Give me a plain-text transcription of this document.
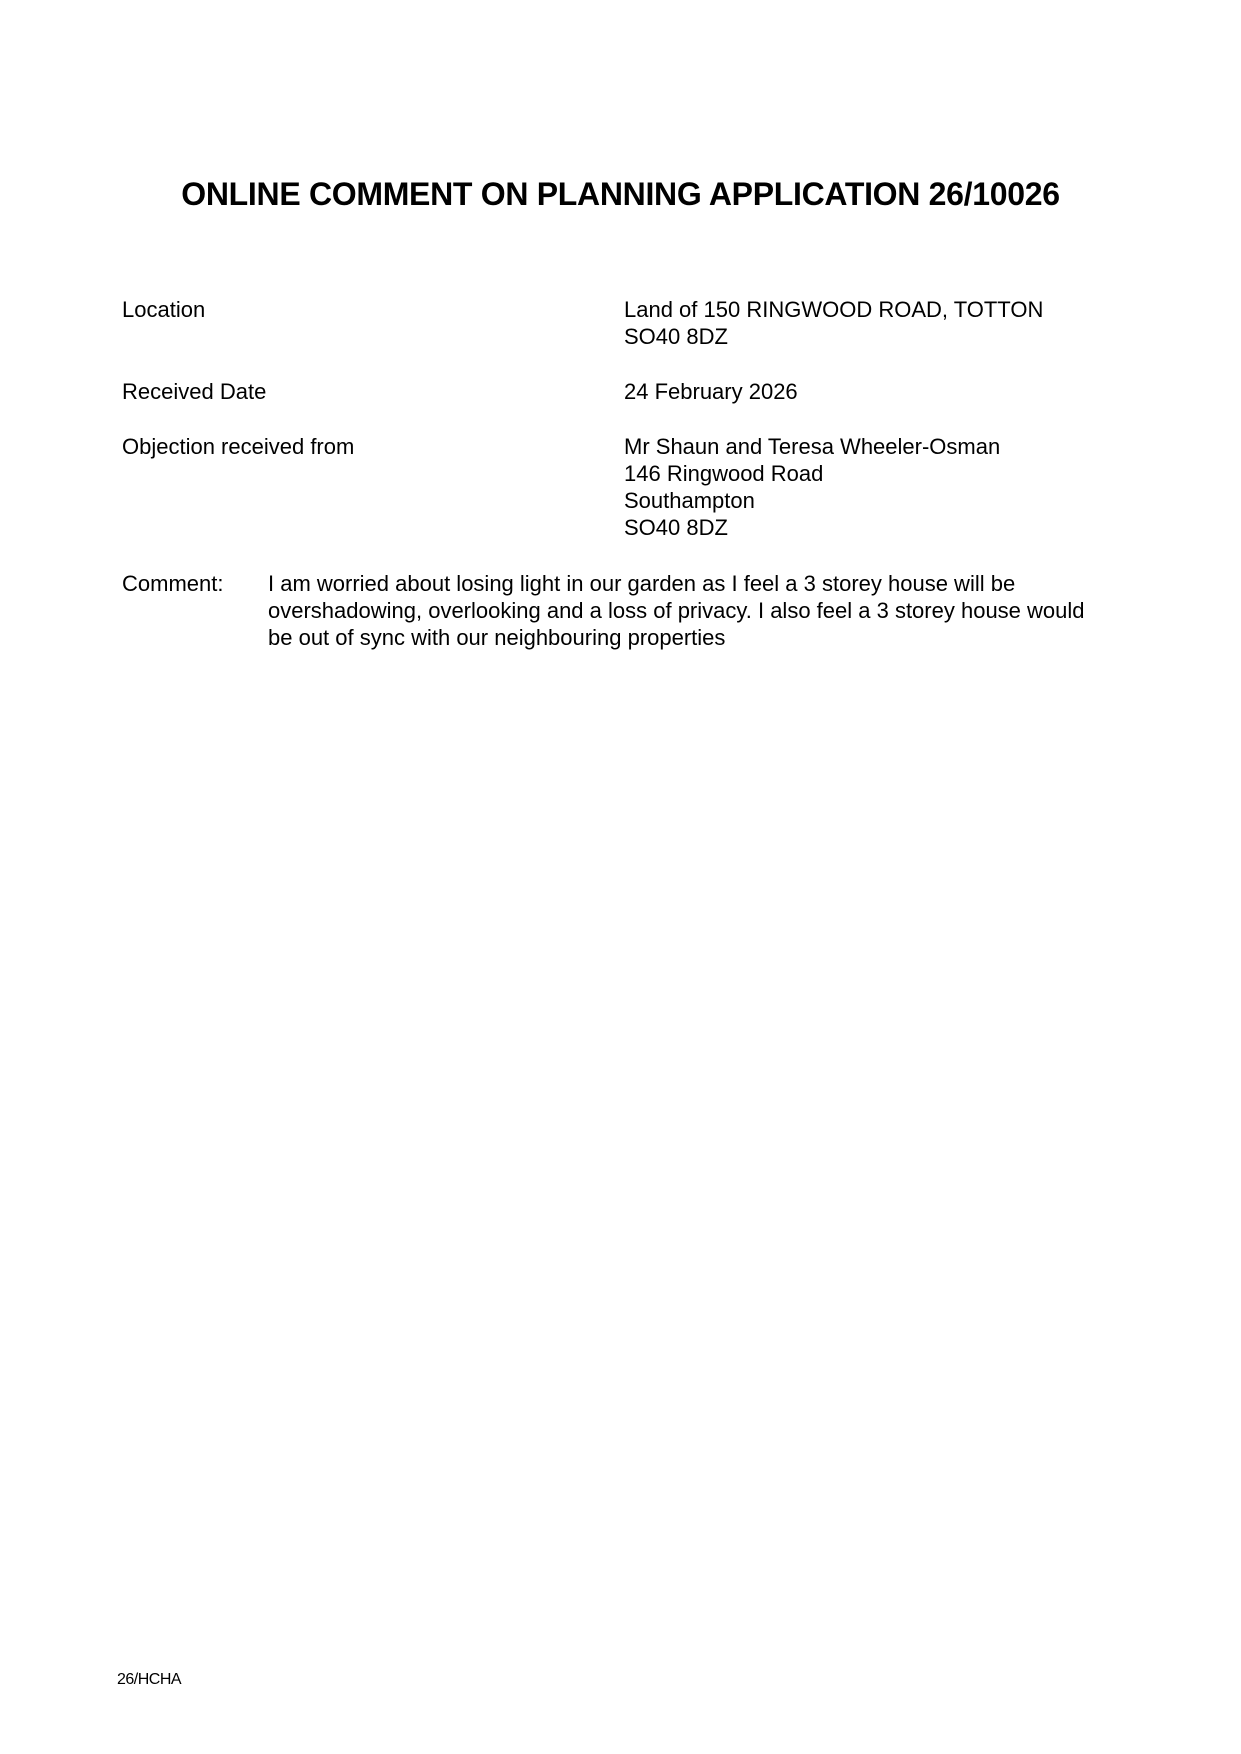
ONLINE COMMENT ON PLANNING APPLICATION 26/10026
Location	Land of 150 RINGWOOD ROAD, TOTTON
SO40 8DZ
Received Date	24 February 2026
Objection received from	Mr Shaun and Teresa Wheeler-Osman
146 Ringwood Road
Southampton
SO40 8DZ
Comment: I am worried about losing light in our garden as I feel a 3 storey house will be
overshadowing, overlooking and a loss of privacy. I also feel a 3 storey house would
be out of sync with our neighbouring properties
26/HCHA
